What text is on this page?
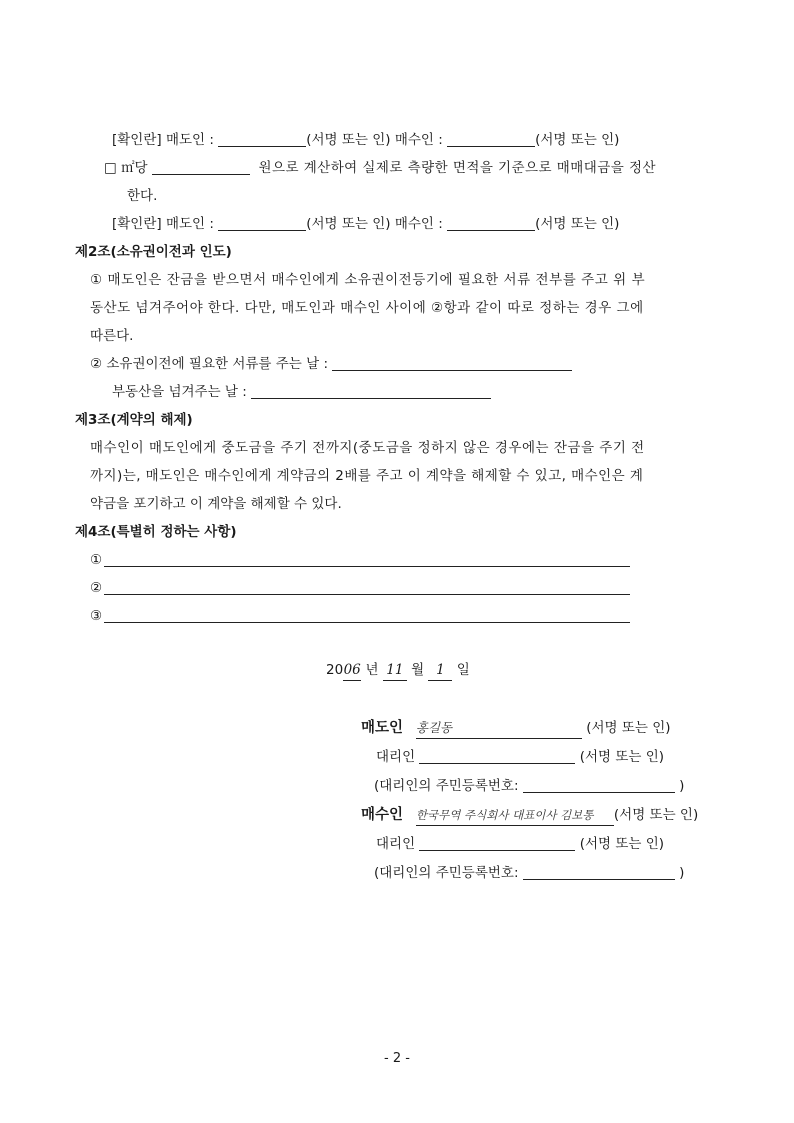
[확인란] 매도인 :	(서명 또는 인) 매수인 :	(서명 또는 인)
□ ㎡당	원으로 계산하여 실제로 측량한 면적을 기준으로 매매대금을 정산
한다.
[확인란] 매도인 :	(서명 또는 인) 매수인 :	(서명 또는 인)
제2조(소유권이전과 인도)
① 매도인은 잔금을 받으면서 매수인에게 소유권이전등기에 필요한 서류 전부를 주고 위 부
동산도 넘겨주어야 한다. 다만, 매도인과 매수인 사이에 ②항과 같이 따로 정하는 경우 그에
따른다.
② 소유권이전에 필요한 서류를 주는 날 :
부동산을 넘겨주는 날 :
제3조(계약의 해제)
매수인이 매도인에게 중도금을 주기 전까지(중도금을 정하지 않은 경우에는 잔금을 주기 전
까지)는, 매도인은 매수인에게 계약금의 2배를 주고 이 계약을 해제할 수 있고, 매수인은 계
약금을 포기하고 이 계약을 해제할 수 있다.
제4조(특별히 정하는 사항)
①
②
③
2006 년 11 월 1 일
매도인 홍길동	(서명 또는 인)
대리인	(서명 또는 인)
(대리인의 주민등록번호:	)
매수인 한국무역 주식회사 대표이사 김보통 (서명 또는 인)
대리인	(서명 또는 인)
(대리인의 주민등록번호:	)
- 2 -
